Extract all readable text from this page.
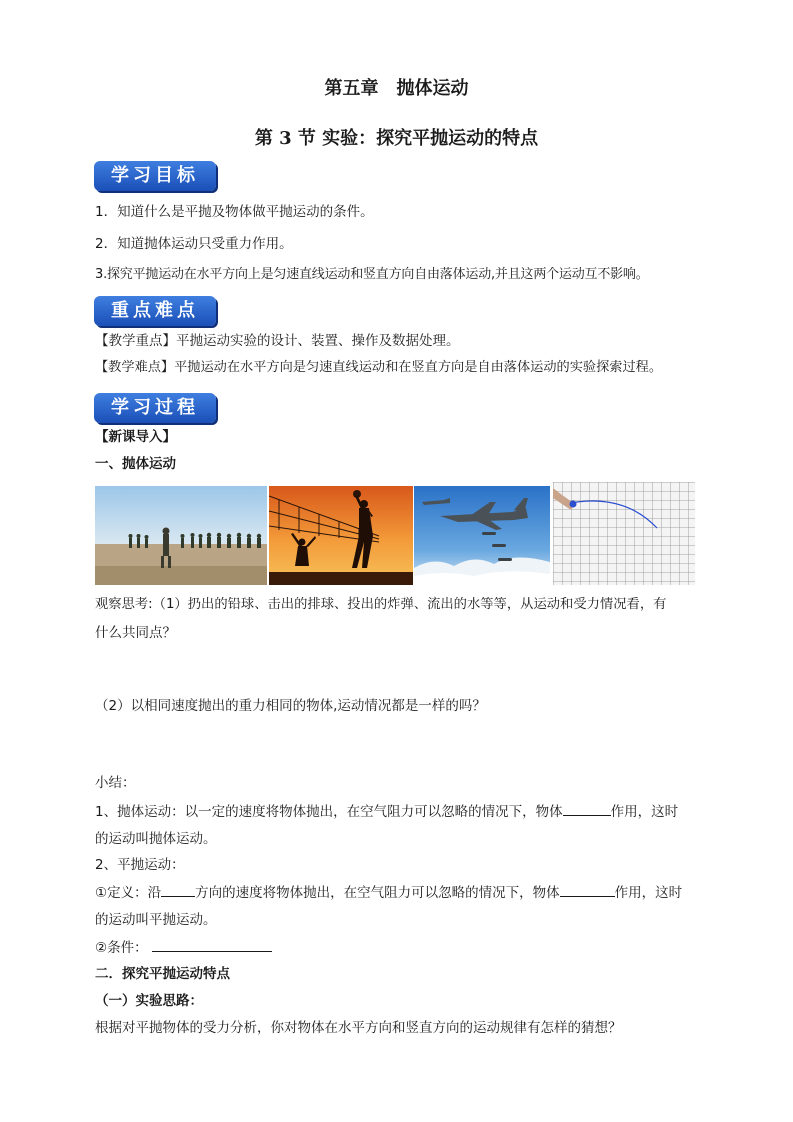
第五章　抛体运动
第 3 节 实验：探究平抛运动的特点
学习目标
1．知道什么是平抛及物体做平抛运动的条件。
2．知道抛体运动只受重力作用。
3.探究平抛运动在水平方向上是匀速直线运动和竖直方向自由落体运动,并且这两个运动互不影响。
重点难点
【教学重点】平抛运动实验的设计、装置、操作及数据处理。
【教学难点】平抛运动在水平方向是匀速直线运动和在竖直方向是自由落体运动的实验探索过程。
学习过程
【新课导入】
一、抛体运动
观察思考:（1）扔出的铅球、击出的排球、投出的炸弹、流出的水等等，从运动和受力情况看，有
什么共同点？
（2）以相同速度抛出的重力相同的物体,运动情况都是一样的吗？
小结：
1、抛体运动：以一定的速度将物体抛出，在空气阻力可以忽略的情况下，物体	作用，这时
的运动叫抛体运动。
2、平抛运动：
①定义：沿	方向的速度将物体抛出，在空气阻力可以忽略的情况下，物体	作用，这时
的运动叫平抛运动。
②条件：
二．探究平抛运动特点
（一）实验思路：
根据对平抛物体的受力分析，你对物体在水平方向和竖直方向的运动规律有怎样的猜想？
